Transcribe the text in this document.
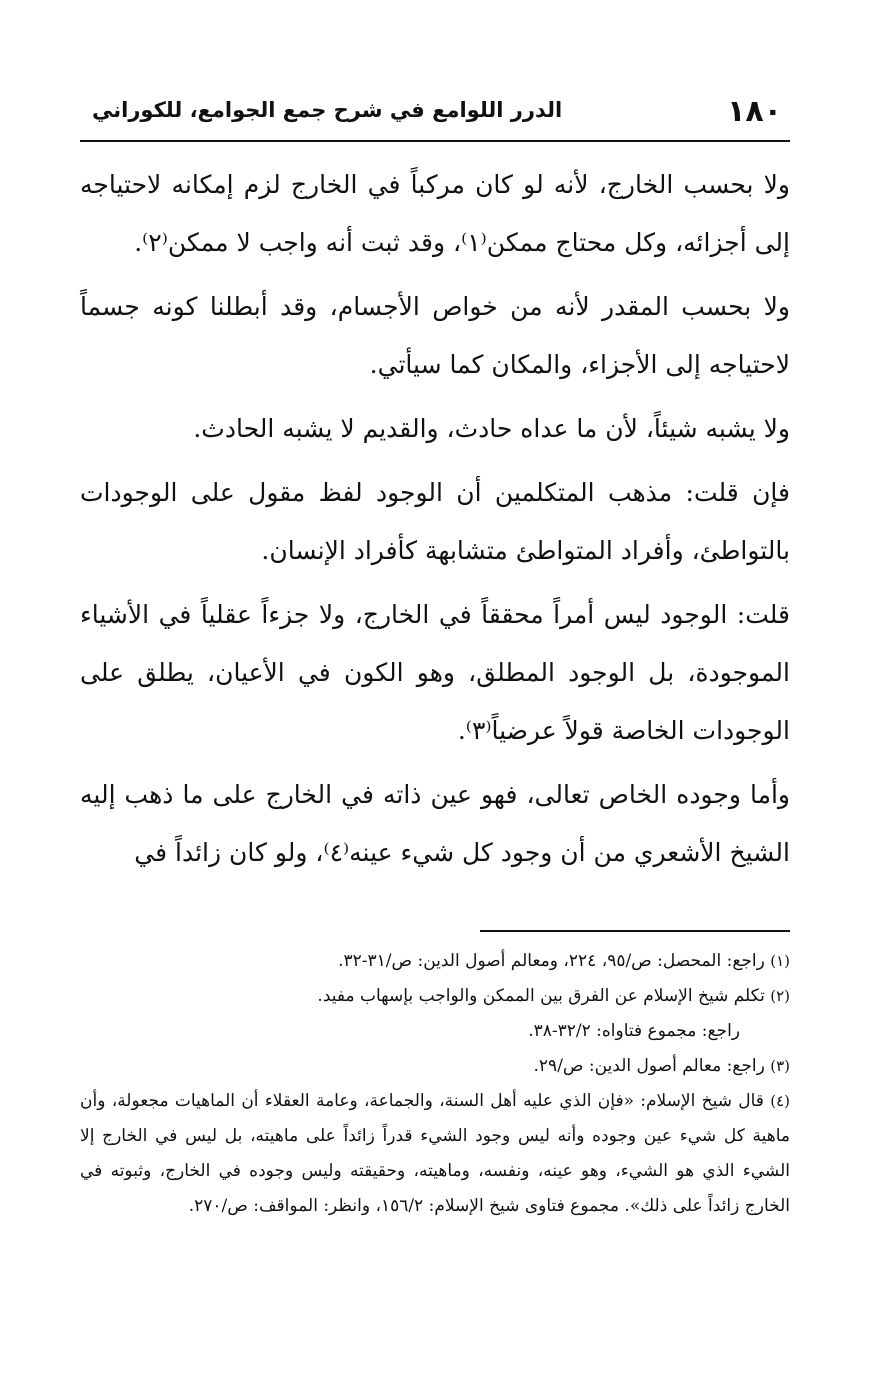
١٨٠
الدرر اللوامع في شرح جمع الجوامع، للكوراني

ولا بحسب الخارج، لأنه لو كان مركباً في الخارج لزم إمكانه لاحتياجه إلى أجزائه، وكل محتاج ممكن⁽١⁾، وقد ثبت أنه واجب لا ممكن⁽٢⁾.

ولا بحسب المقدر لأنه من خواص الأجسام، وقد أبطلنا كونه جسماً لاحتياجه إلى الأجزاء، والمكان كما سيأتي.

ولا يشبه شيئاً، لأن ما عداه حادث، والقديم لا يشبه الحادث.

فإن قلت: مذهب المتكلمين أن الوجود لفظ مقول على الوجودات بالتواطئ، وأفراد المتواطئ متشابهة كأفراد الإنسان.

قلت: الوجود ليس أمراً محققاً في الخارج، ولا جزءاً عقلياً في الأشياء الموجودة، بل الوجود المطلق، وهو الكون في الأعيان، يطلق على الوجودات الخاصة قولاً عرضياً⁽٣⁾.

وأما وجوده الخاص تعالى، فهو عين ذاته في الخارج على ما ذهب إليه الشيخ الأشعري من أن وجود كل شيء عينه⁽٤⁾، ولو كان زائداً في

(١) راجع: المحصل: ص/٩٥، ٢٢٤، ومعالم أصول الدين: ص/٣١-٣٢.

(٢) تكلم شيخ الإسلام عن الفرق بين الممكن والواجب بإسهاب مفيد.

راجع: مجموع فتاواه: ٣٢/٢-٣٨.

(٣) راجع: معالم أصول الدين: ص/٢٩.

(٤) قال شيخ الإسلام: «فإن الذي عليه أهل السنة، والجماعة، وعامة العقلاء أن الماهيات مجعولة، وأن ماهية كل شيء عين وجوده وأنه ليس وجود الشيء قدراً زائداً على ماهيته، بل ليس في الخارج إلا الشيء الذي هو الشيء، وهو عينه، ونفسه، وماهيته، وحقيقته وليس وجوده في الخارج، وثبوته في الخارج زائداً على ذلك». مجموع فتاوى شيخ الإسلام: ١٥٦/٢، وانظر: المواقف: ص/٢٧٠.
